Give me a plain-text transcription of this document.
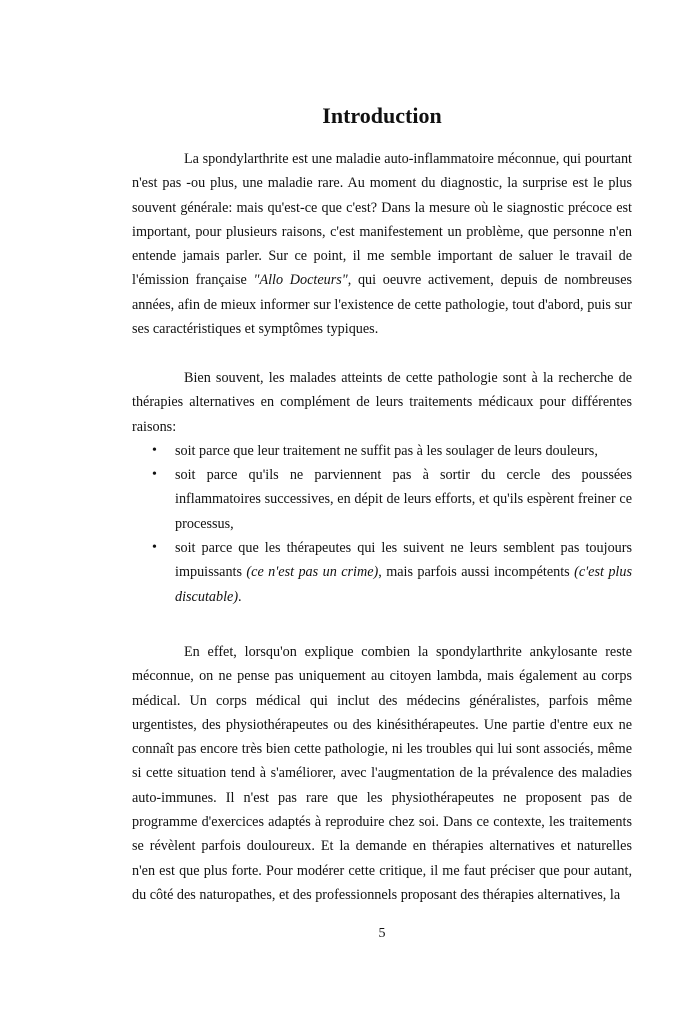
Introduction

La spondylarthrite est une maladie auto-inflammatoire méconnue, qui pourtant n'est pas -ou plus, une maladie rare. Au moment du diagnostic, la surprise est le plus souvent générale: mais qu'est-ce que c'est? Dans la mesure où le siagnostic précoce est important, pour plusieurs raisons, c'est manifestement un problème, que personne n'en entende jamais parler. Sur ce point, il me semble important de saluer le travail de l'émission française "Allo Docteurs", qui oeuvre activement, depuis de nombreuses années, afin de mieux informer sur l'existence de cette pathologie, tout d'abord, puis sur ses caractéristiques et symptômes typiques.

Bien souvent, les malades atteints de cette pathologie sont à la recherche de thérapies alternatives en complément de leurs traitements médicaux pour différentes raisons:

• soit parce que leur traitement ne suffit pas à les soulager de leurs douleurs,
• soit parce qu'ils ne parviennent pas à sortir du cercle des poussées inflammatoires successives, en dépit de leurs efforts, et qu'ils espèrent freiner ce processus,
• soit parce que les thérapeutes qui les suivent ne leurs semblent pas toujours impuissants (ce n'est pas un crime), mais parfois aussi incompétents (c'est plus discutable).

En effet, lorsqu'on explique combien la spondylarthrite ankylosante reste méconnue, on ne pense pas uniquement au citoyen lambda, mais également au corps médical. Un corps médical qui inclut des médecins généralistes, parfois même urgentistes, des physiothérapeutes ou des kinésithérapeutes. Une partie d'entre eux ne connaît pas encore très bien cette pathologie, ni les troubles qui lui sont associés, même si cette situation tend à s'améliorer, avec l'augmentation de la prévalence des maladies auto-immunes. Il n'est pas rare que les physiothérapeutes ne proposent pas de programme d'exercices adaptés à reproduire chez soi. Dans ce contexte, les traitements se révèlent parfois douloureux. Et la demande en thérapies alternatives et naturelles n'en est que plus forte. Pour modérer cette critique, il me faut préciser que pour autant, du côté des naturopathes, et des professionnels proposant des thérapies alternatives, la

5
